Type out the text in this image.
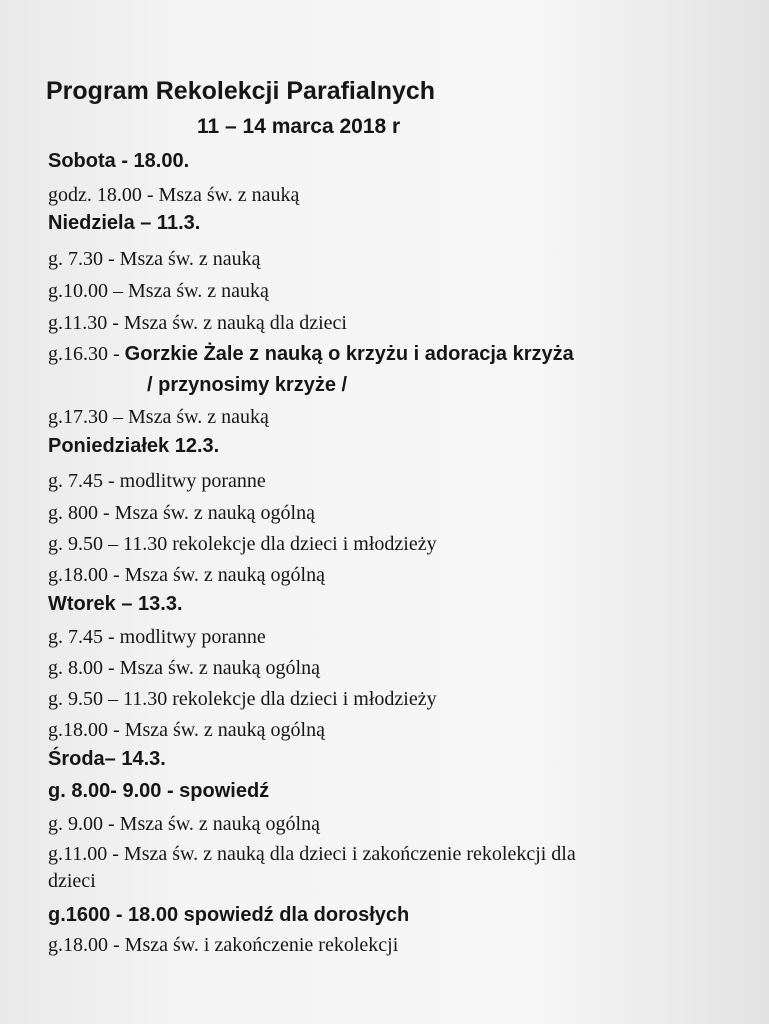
Program Rekolekcji Parafialnych
11 – 14 marca 2018 r
Sobota - 18.00.
godz. 18.00 - Msza św. z nauką
Niedziela – 11.3.
g. 7.30 - Msza św. z nauką
g.10.00 – Msza św. z nauką
g.11.30 - Msza św. z nauką dla dzieci
g.16.30 - Gorzkie Żale z nauką o krzyżu i adoracja krzyża
/ przynosimy krzyże /
g.17.30 – Msza św. z nauką
Poniedziałek 12.3.
g. 7.45 - modlitwy poranne
g. 800 - Msza św. z nauką ogólną
g. 9.50 – 11.30 rekolekcje dla dzieci i młodzieży
g.18.00 - Msza św. z nauką ogólną
Wtorek – 13.3.
g. 7.45 - modlitwy poranne
g. 8.00 - Msza św. z nauką ogólną
g. 9.50 – 11.30 rekolekcje dla dzieci i młodzieży
g.18.00 - Msza św. z nauką ogólną
Środa– 14.3.
g. 8.00- 9.00 - spowiedź
g. 9.00 - Msza św. z nauką ogólną
g.11.00 - Msza św. z nauką dla dzieci i zakończenie rekolekcji dla
dzieci
g.1600 - 18.00 spowiedź dla dorosłych
g.18.00 - Msza św. i zakończenie rekolekcji
